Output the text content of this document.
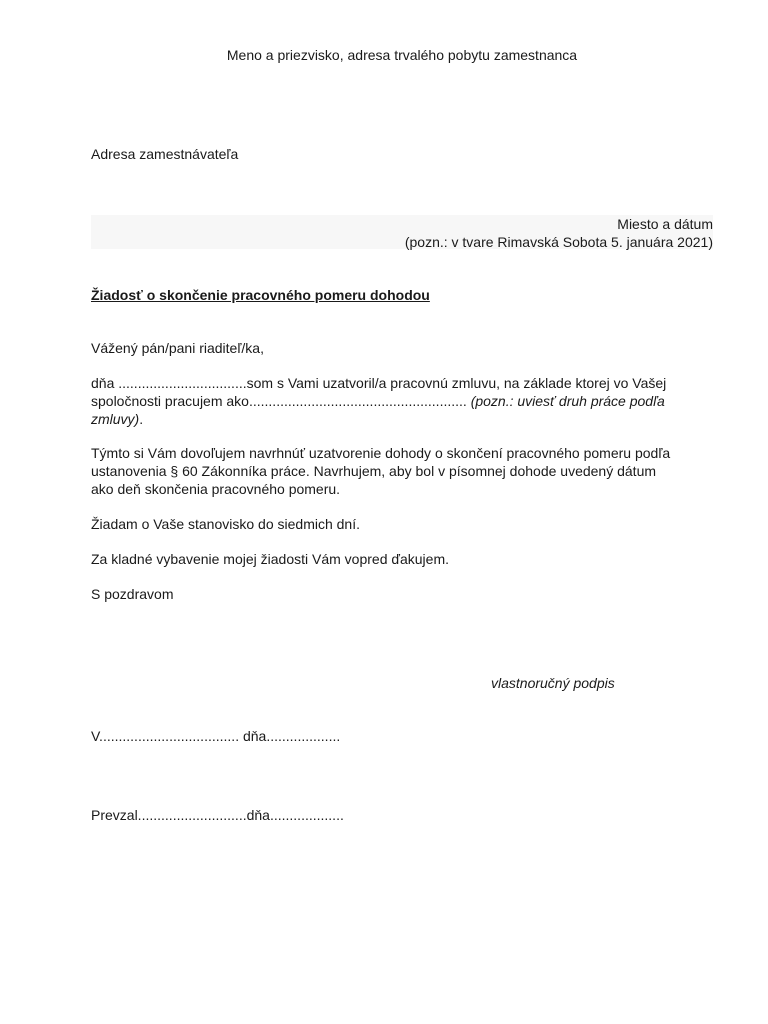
Meno a priezvisko, adresa trvalého pobytu zamestnanca
Adresa zamestnávateľa
Miesto a dátum
(pozn.: v tvare Rimavská Sobota 5. januára 2021)
Žiadosť o skončenie pracovného pomeru dohodou
Vážený pán/pani riaditeľ/ka,
dňa .................................som s Vami uzatvoril/a pracovnú zmluvu, na základe ktorej vo Vašej
spoločnosti pracujem ako........................................................ (pozn.: uviesť druh práce podľa
zmluvy).
Týmto si Vám dovoľujem navrhnúť uzatvorenie dohody o skončení pracovného pomeru podľa
ustanovenia § 60 Zákonníka práce. Navrhujem, aby bol v písomnej dohode uvedený dátum
ako deň skončenia pracovného pomeru.
Žiadam o Vaše stanovisko do siedmich dní.
Za kladné vybavenie mojej žiadosti Vám vopred ďakujem.
S pozdravom
vlastnoručný podpis
V.................................... dňa...................
Prevzal............................dňa...................
